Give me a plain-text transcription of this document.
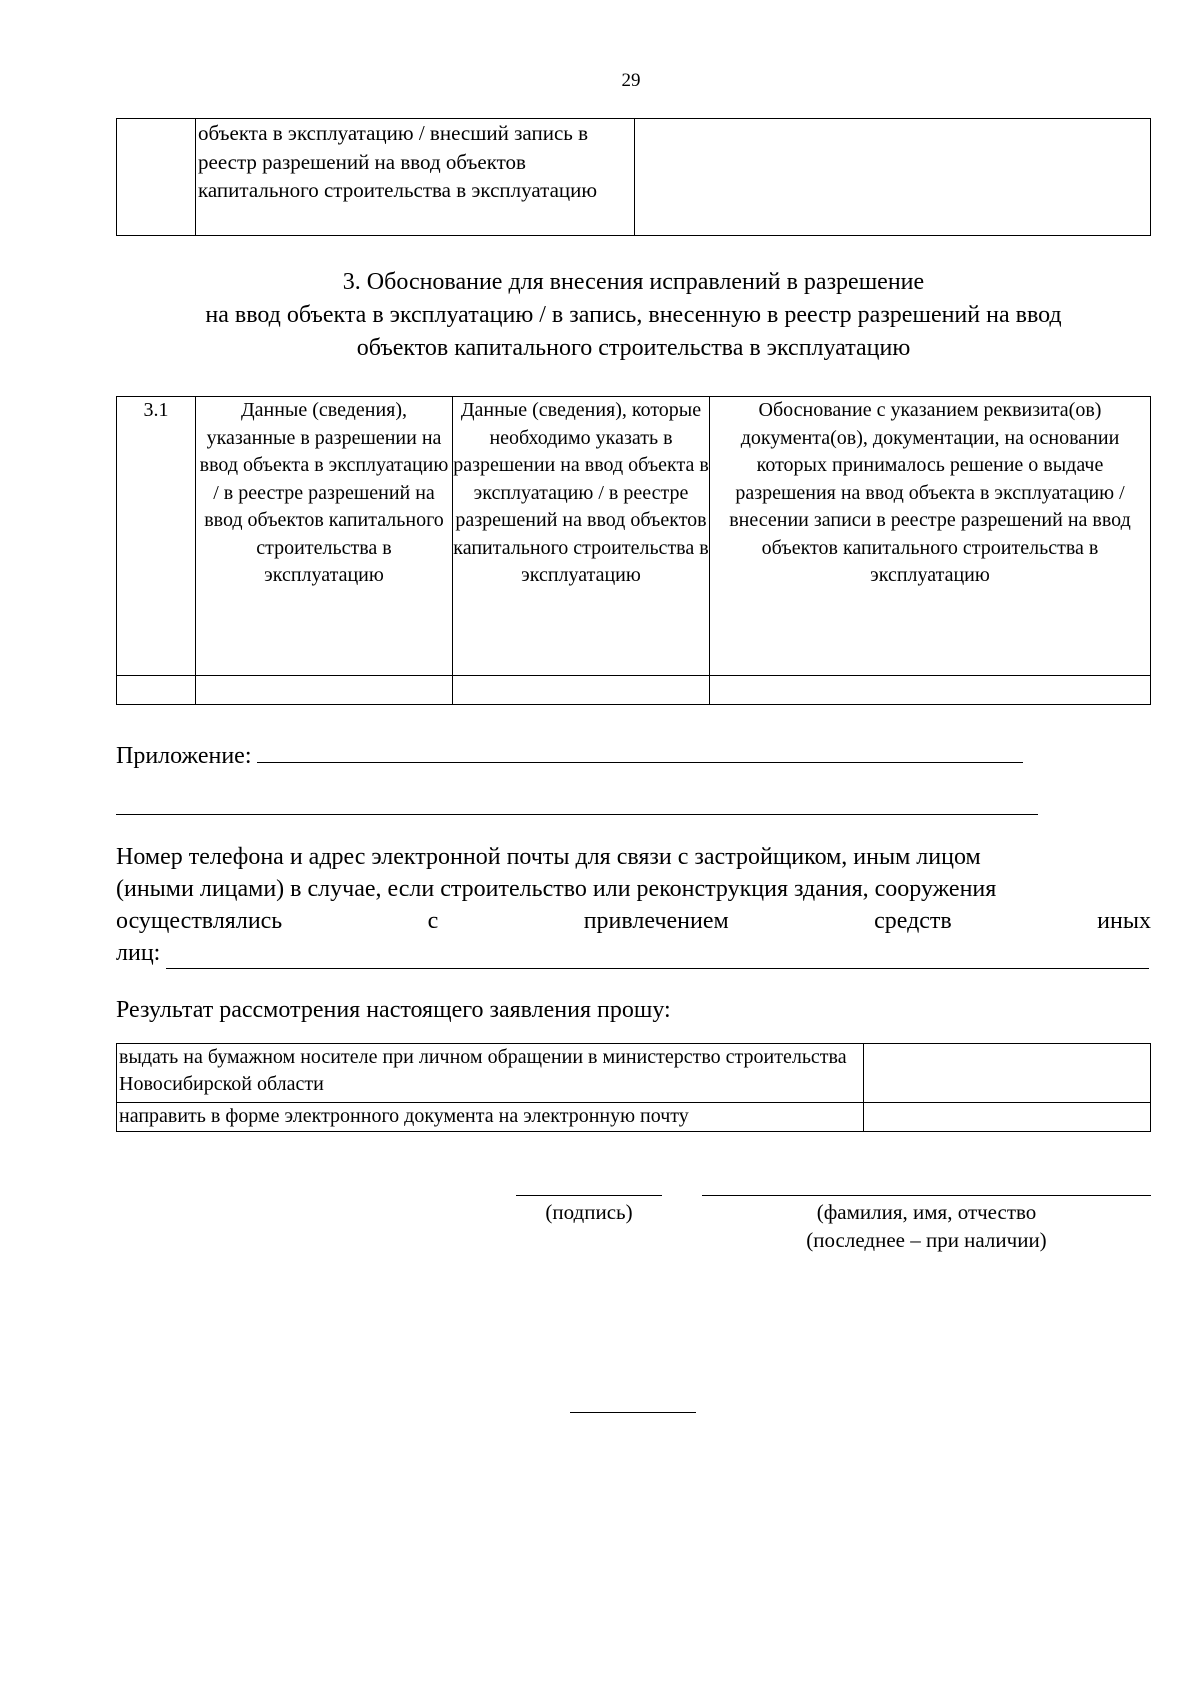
29
	объекта в эксплуатацию / внесший запись в реестр разрешений на ввод объектов капитального строительства в эксплуатацию	
3. Обоснование для внесения исправлений в разрешение
на ввод объекта в эксплуатацию / в запись, внесенную в реестр разрешений на ввод
объектов капитального строительства в эксплуатацию
3.1	Данные (сведения), указанные в разрешении на ввод объекта в эксплуатацию / в реестре разрешений на ввод объектов капитального строительства в эксплуатацию	Данные (сведения), которые необходимо указать в разрешении на ввод объекта в эксплуатацию / в реестре разрешений на ввод объектов капитального строительства в эксплуатацию	Обоснование с указанием реквизита(ов) документа(ов), документации, на основании которых принималось решение о выдаче разрешения на ввод объекта в эксплуатацию / внесении записи в реестре разрешений на ввод объектов капитального строительства в эксплуатацию

Приложение:
Номер телефона и адрес электронной почты для связи с застройщиком, иным лицом
(иными лицами) в случае, если строительство или реконструкция здания, сооружения
осуществлялись	с	привлечением	средств	иных
лиц:
Результат рассмотрения настоящего заявления прошу:
выдать на бумажном носителе при личном обращении в министерство строительства Новосибирской области	
направить в форме электронного документа на электронную почту	
(подпись)	(фамилия, имя, отчество
(последнее – при наличии)
